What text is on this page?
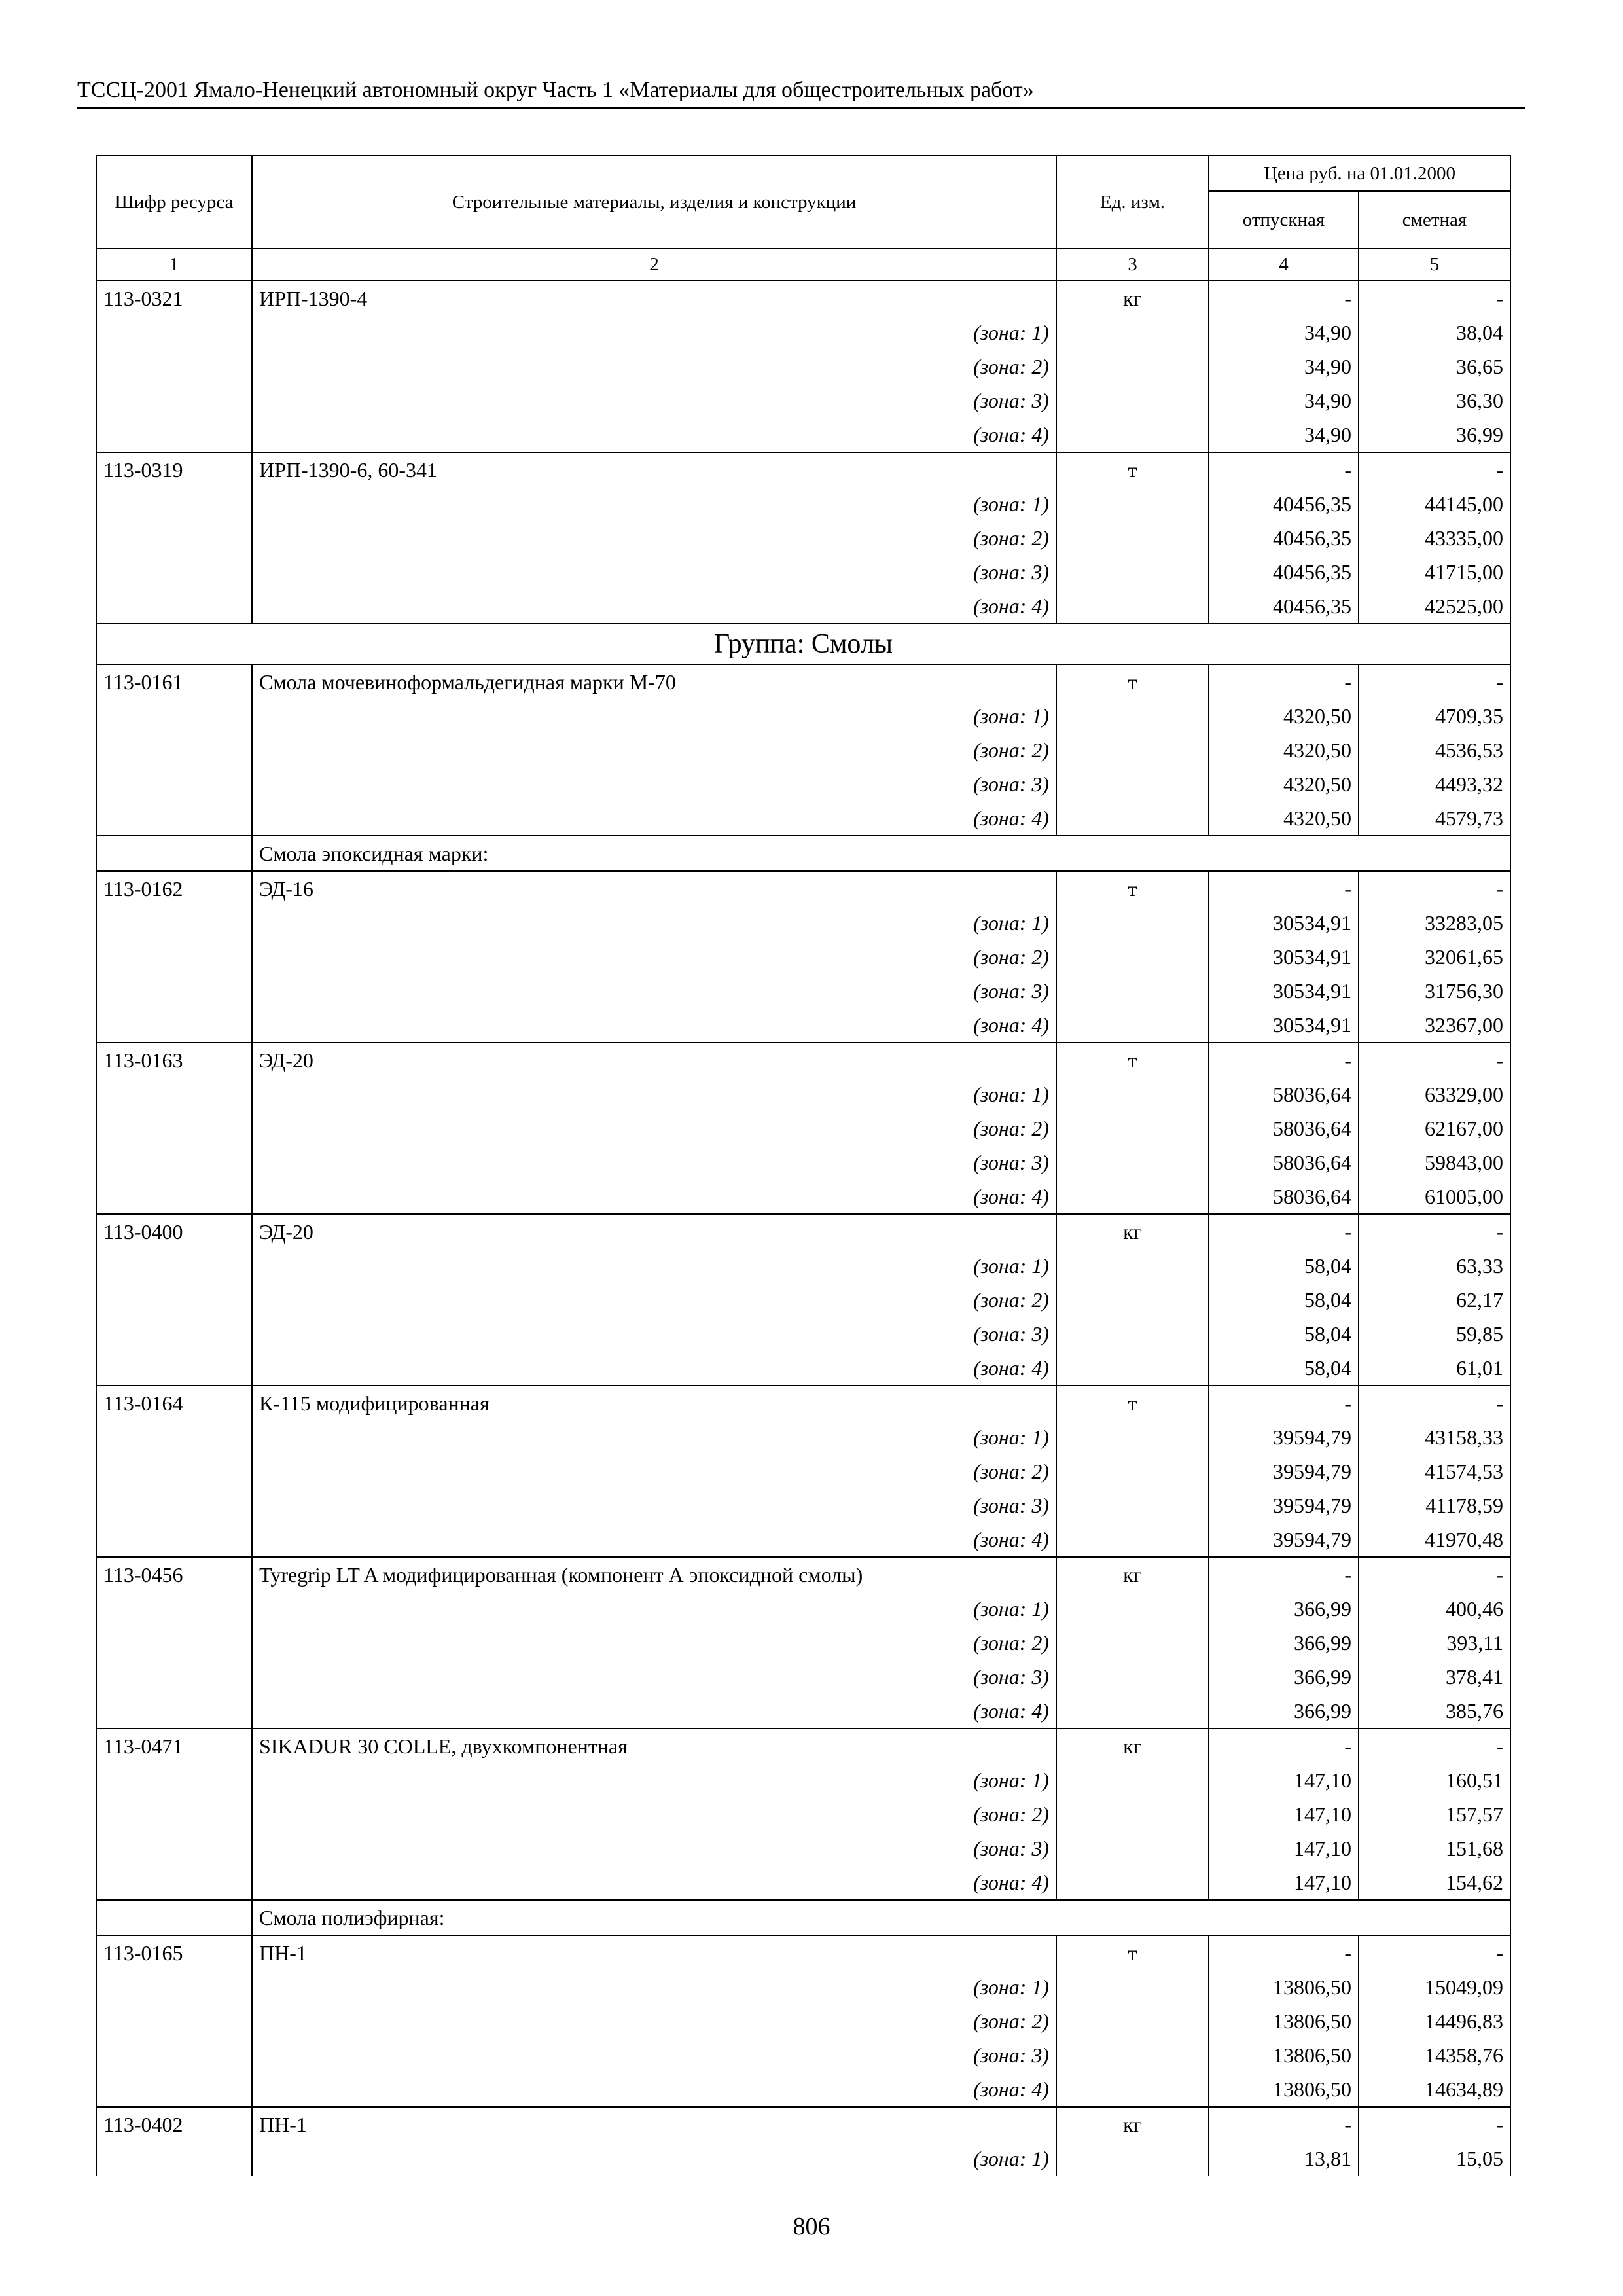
ТССЦ-2001 Ямало-Ненецкий автономный округ Часть 1 «Материалы для общестроительных работ»
Шифр ресурса	Строительные материалы, изделия и конструкции	Ед. изм.	Цена руб. на 01.01.2000	
			отпускная	сметная
1	2	3	4	5
113-0321	ИРП-1390-4	кг	-	-
	(зона: 1)		34,90	38,04
	(зона: 2)		34,90	36,65
	(зона: 3)		34,90	36,30
	(зона: 4)		34,90	36,99
113-0319	ИРП-1390-6, 60-341	т	-	-
	(зона: 1)		40456,35	44145,00
	(зона: 2)		40456,35	43335,00
	(зона: 3)		40456,35	41715,00
	(зона: 4)		40456,35	42525,00
Группа: Смолы				
113-0161	Смола мочевиноформальдегидная марки М-70	т	-	-
	(зона: 1)		4320,50	4709,35
	(зона: 2)		4320,50	4536,53
	(зона: 3)		4320,50	4493,32
	(зона: 4)		4320,50	4579,73
	Смола эпоксидная марки:			
113-0162	ЭД-16	т	-	-
	(зона: 1)		30534,91	33283,05
	(зона: 2)		30534,91	32061,65
	(зона: 3)		30534,91	31756,30
	(зона: 4)		30534,91	32367,00
113-0163	ЭД-20	т	-	-
	(зона: 1)		58036,64	63329,00
	(зона: 2)		58036,64	62167,00
	(зона: 3)		58036,64	59843,00
	(зона: 4)		58036,64	61005,00
113-0400	ЭД-20	кг	-	-
	(зона: 1)		58,04	63,33
	(зона: 2)		58,04	62,17
	(зона: 3)		58,04	59,85
	(зона: 4)		58,04	61,01
113-0164	К-115 модифицированная	т	-	-
	(зона: 1)		39594,79	43158,33
	(зона: 2)		39594,79	41574,53
	(зона: 3)		39594,79	41178,59
	(зона: 4)		39594,79	41970,48
113-0456	Tyregrip LT A модифицированная (компонент А эпоксидной смолы)	кг	-	-
	(зона: 1)		366,99	400,46
	(зона: 2)		366,99	393,11
	(зона: 3)		366,99	378,41
	(зона: 4)		366,99	385,76
113-0471	SIKADUR 30 COLLE, двухкомпонентная	кг	-	-
	(зона: 1)		147,10	160,51
	(зона: 2)		147,10	157,57
	(зона: 3)		147,10	151,68
	(зона: 4)		147,10	154,62
	Смола полиэфирная:			
113-0165	ПН-1	т	-	-
	(зона: 1)		13806,50	15049,09
	(зона: 2)		13806,50	14496,83
	(зона: 3)		13806,50	14358,76
	(зона: 4)		13806,50	14634,89
113-0402	ПН-1	кг	-	-
	(зона: 1)		13,81	15,05
806
